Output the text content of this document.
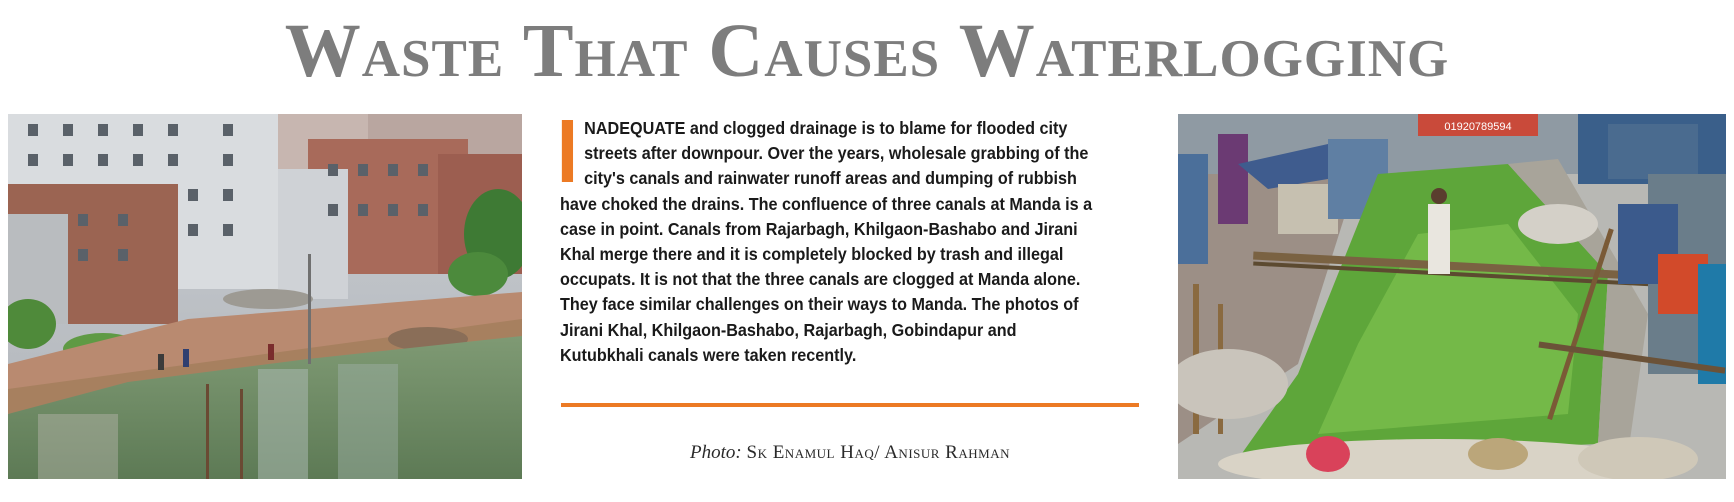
Waste That Causes Waterlogging
NADEQUATE and clogged drainage is to blame for flooded city streets after downpour. Over the years, wholesale grabbing of the city's canals and rainwater runoff areas and dumping of rubbish have choked the drains. The confluence of three canals at Manda is a case in point. Canals from Rajarbagh, Khilgaon-Bashabo and Jirani Khal merge there and it is completely blocked by trash and illegal occupats. It is not that the three canals are clogged at Manda alone. They face similar challenges on their ways to Manda. The photos of Jirani Khal, Khilgaon-Bashabo, Rajarbagh, Gobindapur and Kutubkhali canals were taken recently.
Photo: Sk Enamul Haq/ Anisur Rahman
01920789594
